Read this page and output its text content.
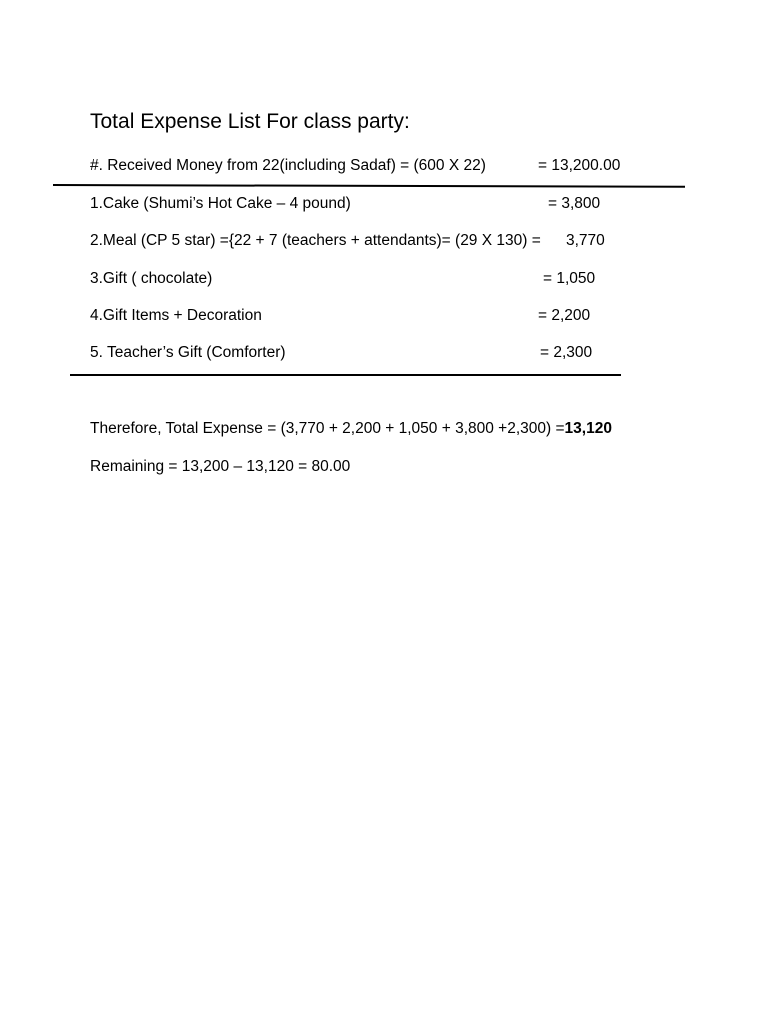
Total Expense List For class party:
#. Received Money from 22(including Sadaf) = (600 X 22)	= 13,200.00
1.Cake (Shumi’s Hot Cake – 4 pound)	= 3,800
2.Meal (CP 5 star) ={22 + 7 (teachers + attendants)= (29 X 130) = 3,770
3.Gift ( chocolate)	= 1,050
4.Gift Items + Decoration	= 2,200
5. Teacher’s Gift (Comforter)	= 2,300
Therefore, Total Expense = (3,770 + 2,200 + 1,050 + 3,800 +2,300) =13,120
Remaining = 13,200 – 13,120 = 80.00
